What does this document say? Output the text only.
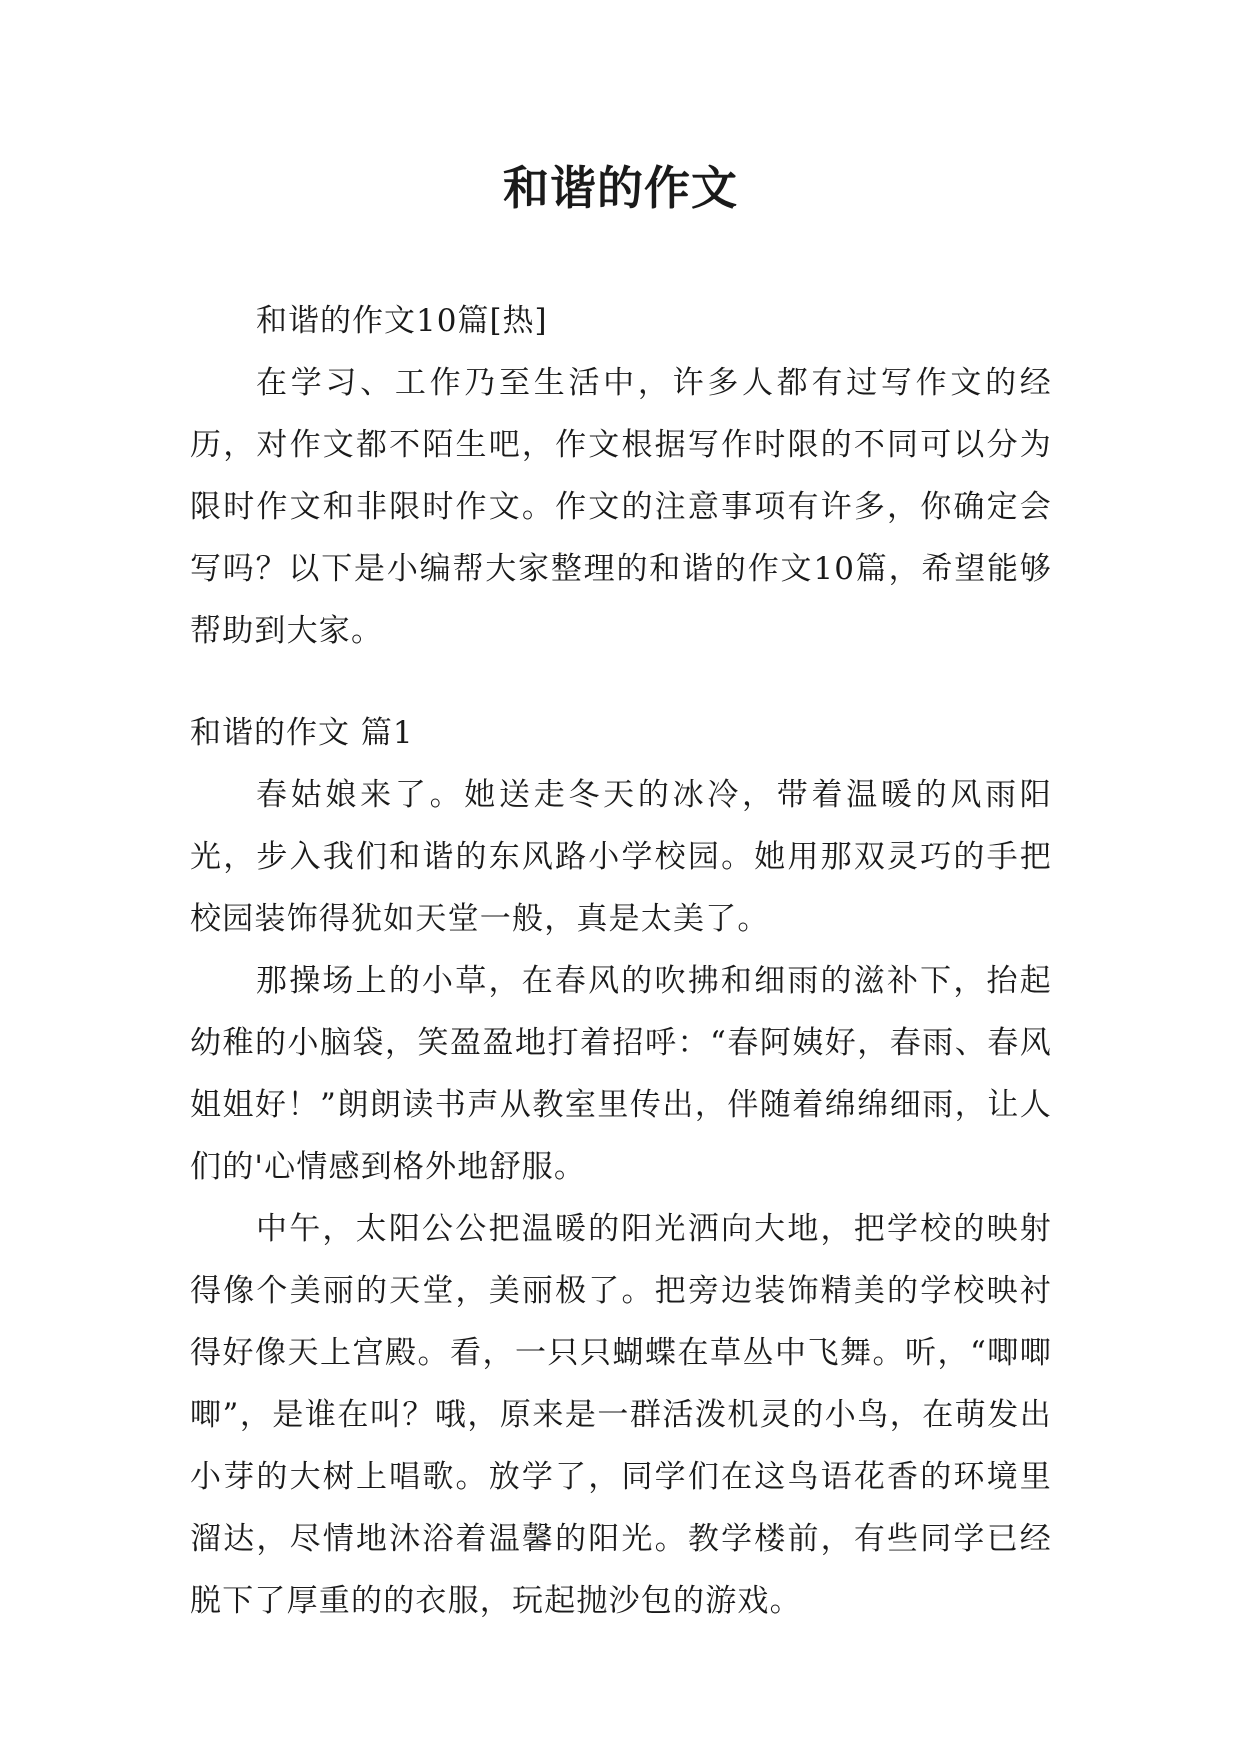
和谐的作文

和谐的作文10篇[热]

在学习、工作乃至生活中，许多人都有过写作文的经历，对作文都不陌生吧，作文根据写作时限的不同可以分为限时作文和非限时作文。作文的注意事项有许多，你确定会写吗？以下是小编帮大家整理的和谐的作文10篇，希望能够帮助到大家。

和谐的作文 篇1

春姑娘来了。她送走冬天的冰冷，带着温暖的风雨阳光，步入我们和谐的东风路小学校园。她用那双灵巧的手把校园装饰得犹如天堂一般，真是太美了。

那操场上的小草，在春风的吹拂和细雨的滋补下，抬起幼稚的小脑袋，笑盈盈地打着招呼：“春阿姨好，春雨、春风姐姐好！”朗朗读书声从教室里传出，伴随着绵绵细雨，让人们的'心情感到格外地舒服。

中午，太阳公公把温暖的阳光洒向大地，把学校的映射得像个美丽的天堂，美丽极了。把旁边装饰精美的学校映衬得好像天上宫殿。看，一只只蝴蝶在草丛中飞舞。听，“唧唧唧”，是谁在叫？哦，原来是一群活泼机灵的小鸟，在萌发出小芽的大树上唱歌。放学了，同学们在这鸟语花香的环境里溜达，尽情地沐浴着温馨的阳光。教学楼前，有些同学已经脱下了厚重的的衣服，玩起抛沙包的游戏。
